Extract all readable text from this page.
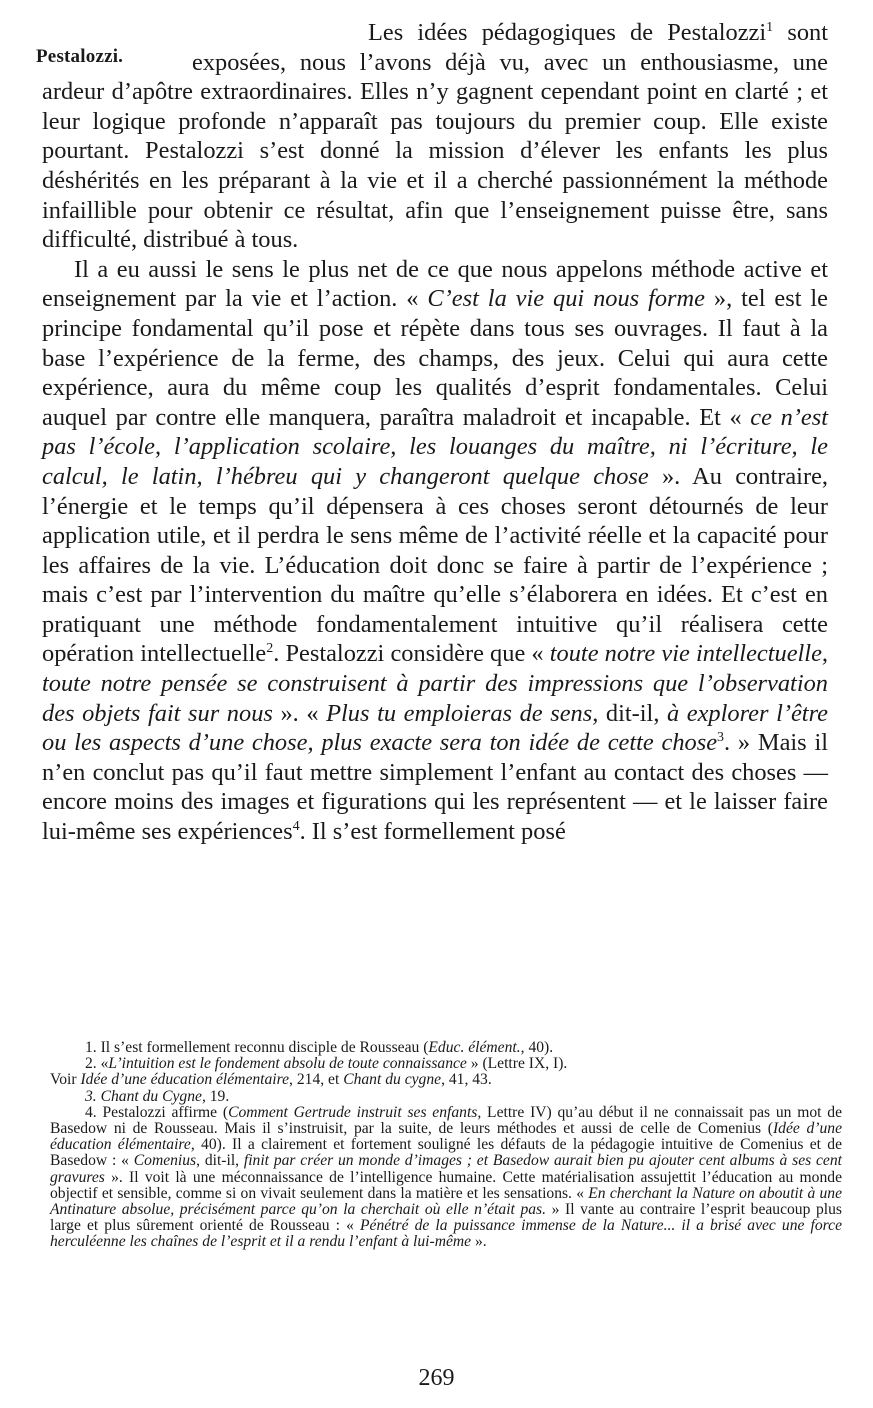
Pestalozzi.

Les idées pédagogiques de Pestalozzi$^1$ sont exposées, nous l’avons déjà vu, avec un enthousiasme, une ardeur d’apôtre extraordinaires. Elles n’y gagnent cependant point en clarté ; et leur logique profonde n’apparaît pas toujours du premier coup. Elle existe pourtant. Pestalozzi s’est donné la mission d’élever les enfants les plus déshérités en les préparant à la vie et il a cherché passionnément la méthode infaillible pour obtenir ce résultat, afin que l’enseignement puisse être, sans difficulté, distribué à tous.

Il a eu aussi le sens le plus net de ce que nous appelons méthode active et enseignement par la vie et l’action. « C’est la vie qui nous forme », tel est le principe fondamental qu’il pose et répète dans tous ses ouvrages. Il faut à la base l’expérience de la ferme, des champs, des jeux. Celui qui aura cette expérience, aura du même coup les qualités d’esprit fondamentales. Celui auquel par contre elle manquera, paraîtra maladroit et incapable. Et « ce n’est pas l’école, l’application scolaire, les louanges du maître, ni l’écriture, le calcul, le latin, l’hébreu qui y changeront quelque chose ». Au contraire, l’énergie et le temps qu’il dépensera à ces choses seront détournés de leur application utile, et il perdra le sens même de l’activité réelle et la capacité pour les affaires de la vie. L’éducation doit donc se faire à partir de l’expérience ; mais c’est par l’intervention du maître qu’elle s’élaborera en idées. Et c’est en pratiquant une méthode fondamentalement intuitive qu’il réalisera cette opération intellectuelle$^2$. Pestalozzi considère que « toute notre vie intellectuelle, toute notre pensée se construisent à partir des impressions que l’observation des objets fait sur nous ». « Plus tu emploieras de sens, dit-il, à explorer l’être ou les aspects d’une chose, plus exacte sera ton idée de cette chose$^3$. » Mais il n’en conclut pas qu’il faut mettre simplement l’enfant au contact des choses — encore moins des images et figurations qui les représentent — et le laisser faire lui-même ses expériences$^4$. Il s’est formellement posé

1. Il s’est formellement reconnu disciple de Rousseau (Educ. élément., 40).

2. «L’intuition est le fondement absolu de toute connaissance » (Lettre IX, I).

Voir Idée d’une éducation élémentaire, 214, et Chant du cygne, 41, 43.

3. Chant du Cygne, 19.

4. Pestalozzi affirme (Comment Gertrude instruit ses enfants, Lettre IV) qu’au début il ne connaissait pas un mot de Basedow ni de Rousseau. Mais il s’instruisit, par la suite, de leurs méthodes et aussi de celle de Comenius (Idée d’une éducation élémentaire, 40). Il a clairement et fortement souligné les défauts de la pédagogie intuitive de Comenius et de Basedow : « Comenius, dit-il, finit par créer un monde d’images ; et Basedow aurait bien pu ajouter cent albums à ses cent gravures ». Il voit là une méconnaissance de l’intelligence humaine. Cette matérialisation assujettit l’éducation au monde objectif et sensible, comme si on vivait seulement dans la matière et les sensations. « En cherchant la Nature on aboutit à une Antinature absolue, précisément parce qu’on la cherchait où elle n’était pas. » Il vante au contraire l’esprit beaucoup plus large et plus sûrement orienté de Rousseau : « Pénétré de la puissance immense de la Nature... il a brisé avec une force herculéenne les chaînes de l’esprit et il a rendu l’enfant à lui-même ».

269
